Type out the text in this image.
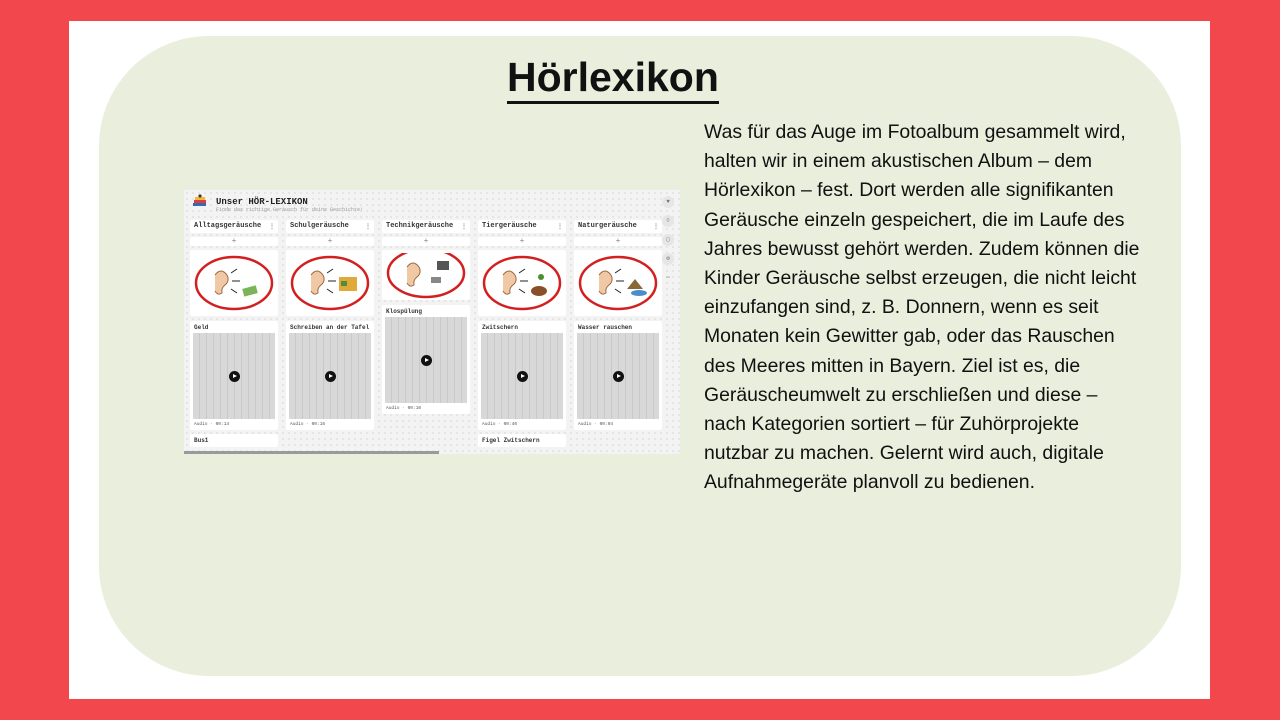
Hörlexikon
Unser HÖR-LEXIKON
Finde das richtige Geräusch für deine Geschichte!
♥
◊
▢
⚙
⋯
Alltagsgeräusche ⋮
+
Geld
Audio · 00:14
Bus1
Schulgeräusche	⋮
+
Schreiben an der Tafel
Audio · 00:16
Technikgeräusche ⋮
+
Klospülung
Audio · 00:10
Tiergeräusche	⋮
+
Zwitschern
Audio · 00:40
Figel Zwitschern
Naturgeräusche	⋮
+
Wasser rauschen
Audio · 00:04

Was für das Auge im Fotoalbum gesammelt wird, halten wir in einem akustischen Album – dem Hörlexikon – fest. Dort werden alle signifikanten Geräusche einzeln gespeichert, die im Laufe des Jahres bewusst gehört werden. Zudem können die Kinder Geräusche selbst erzeugen, die nicht leicht einzufangen sind, z. B. Donnern, wenn es seit Monaten kein Gewitter gab, oder das Rauschen des Meeres mitten in Bayern. Ziel ist es, die Geräuscheumwelt zu erschließen und diese – nach Kategorien sortiert – für Zuhörprojekte nutzbar zu machen. Gelernt wird auch, digitale Aufnahmegeräte planvoll zu bedienen.
